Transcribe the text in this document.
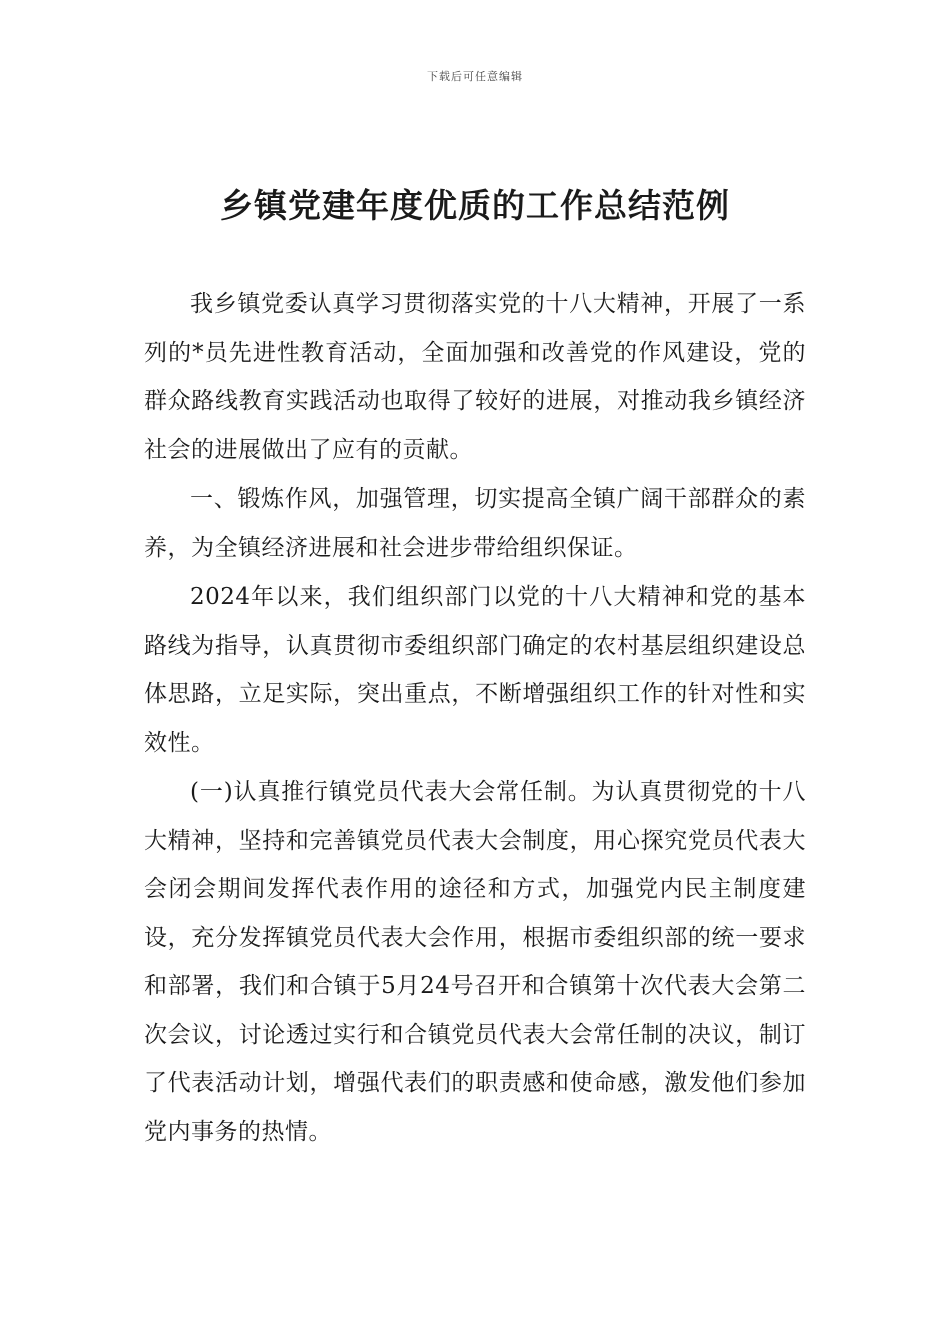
下载后可任意编辑
乡镇党建年度优质的工作总结范例

我乡镇党委认真学习贯彻落实党的十八大精神，开展了一系列的*员先进性教育活动，全面加强和改善党的作风建设，党的群众路线教育实践活动也取得了较好的进展，对推动我乡镇经济社会的进展做出了应有的贡献。

一、锻炼作风，加强管理，切实提高全镇广阔干部群众的素养，为全镇经济进展和社会进步带给组织保证。

2024年以来，我们组织部门以党的十八大精神和党的基本路线为指导，认真贯彻市委组织部门确定的农村基层组织建设总体思路，立足实际，突出重点，不断增强组织工作的针对性和实效性。

(一)认真推行镇党员代表大会常任制。为认真贯彻党的十八大精神，坚持和完善镇党员代表大会制度，用心探究党员代表大会闭会期间发挥代表作用的途径和方式，加强党内民主制度建设，充分发挥镇党员代表大会作用，根据市委组织部的统一要求和部署，我们和合镇于5月24号召开和合镇第十次代表大会第二次会议，讨论透过实行和合镇党员代表大会常任制的决议，制订了代表活动计划，增强代表们的职责感和使命感，激发他们参加党内事务的热情。
